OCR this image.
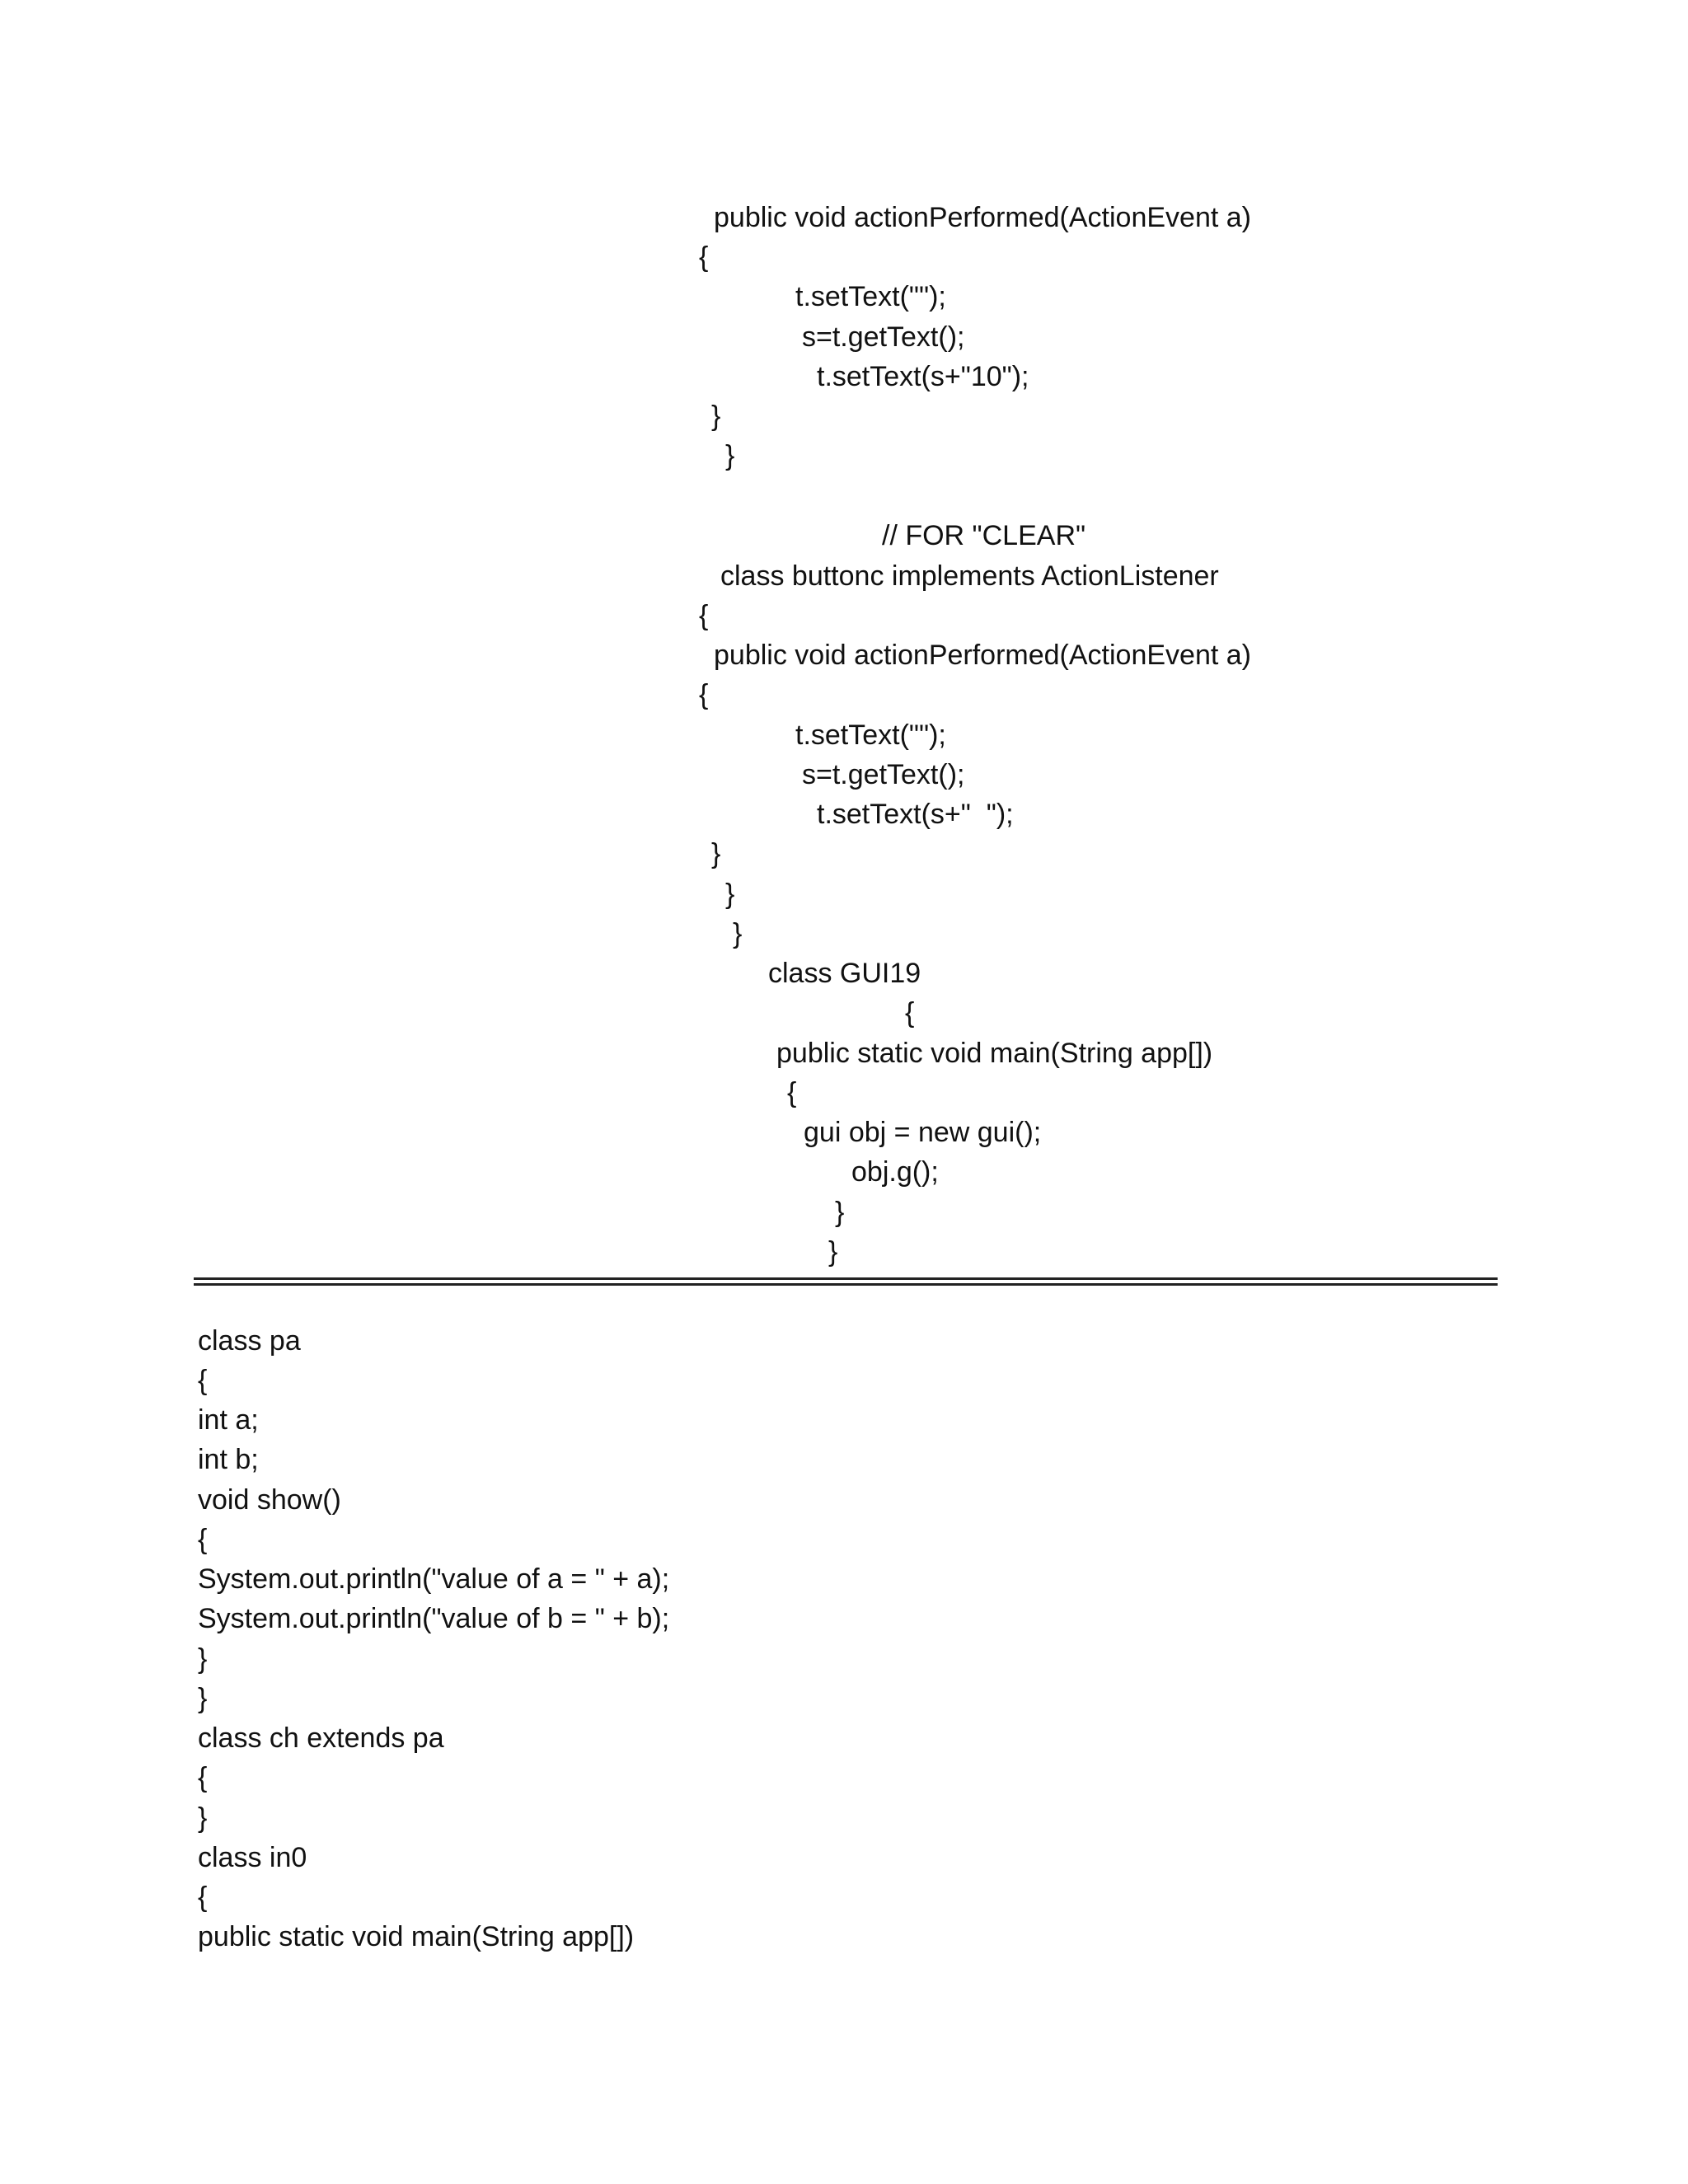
public void actionPerformed(ActionEvent a)
{
t.setText("");
s=t.getText();
t.setText(s+"10");
}
}
// FOR "CLEAR"
class buttonc implements ActionListener
{
public void actionPerformed(ActionEvent a)
{
t.setText("");
s=t.getText();
t.setText(s+"  ");
}
}
}
class GUI19
{
public static void main(String app[])
{
gui obj = new gui();
obj.g();
}
}
class pa
{
int a;
int b;
void show()
{
System.out.println("value of a = " + a);
System.out.println("value of b = " + b);
}
}
class ch extends pa
{
}
class in0
{
public static void main(String app[])
